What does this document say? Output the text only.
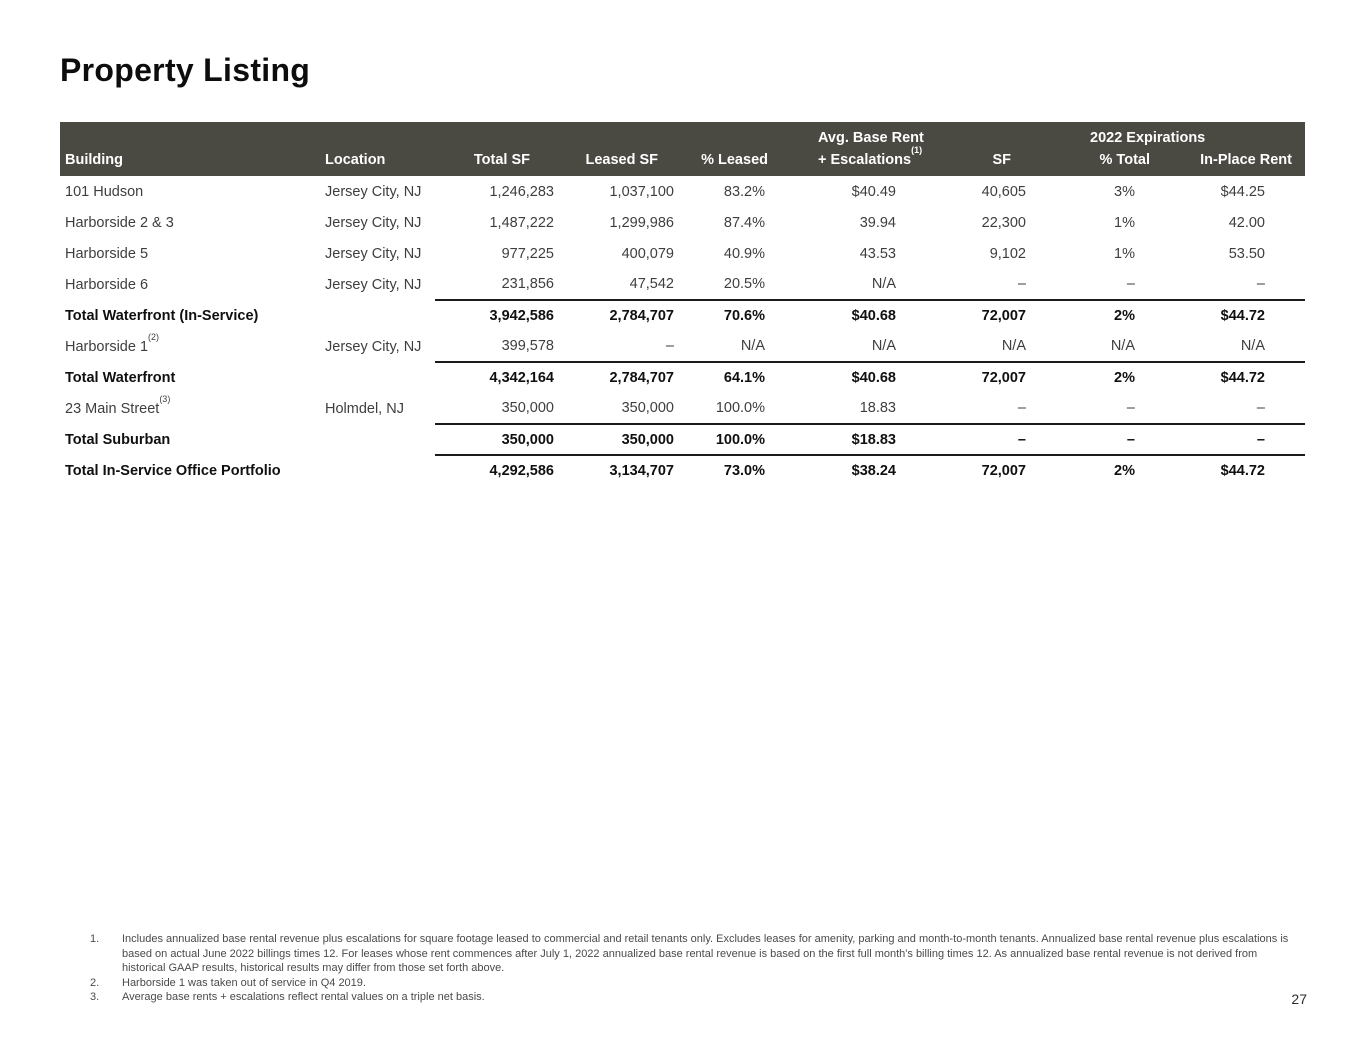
Property Listing
					Avg. Base Rent	2022 Expirations		
Building	Location	Total SF	Leased SF	% Leased	+ Escalations$^{(1)}$	SF	% Total	In-Place Rent
101 Hudson	Jersey City, NJ	1,246,283	1,037,100	83.2%	$40.49	40,605	3%	$44.25
Harborside 2 & 3	Jersey City, NJ	1,487,222	1,299,986	87.4%	39.94	22,300	1%	42.00
Harborside 5	Jersey City, NJ	977,225	400,079	40.9%	43.53	9,102	1%	53.50
Harborside 6	Jersey City, NJ	231,856	47,542	20.5%	N/A	–	–	–
Total Waterfront (In-Service)		3,942,586	2,784,707	70.6%	$40.68	72,007	2%	$44.72
Harborside 1$^{(2)}$	Jersey City, NJ	399,578	–	N/A	N/A	N/A	N/A	N/A
Total Waterfront		4,342,164	2,784,707	64.1%	$40.68	72,007	2%	$44.72
23 Main Street$^{(3)}$	Holmdel, NJ	350,000	350,000	100.0%	18.83	–	–	–
Total Suburban		350,000	350,000	100.0%	$18.83	–	–	–
Total In-Service Office Portfolio		4,292,586	3,134,707	73.0%	$38.24	72,007	2%	$44.72
1.	Includes annualized base rental revenue plus escalations for square footage leased to commercial and retail tenants only. Excludes leases for amenity, parking and month-to-month tenants. Annualized base rental revenue plus escalations is based on actual June 2022 billings times 12. For leases whose rent commences after July 1, 2022 annualized base rental revenue is based on the first full month's billing times 12. As annualized base rental revenue is not derived from historical GAAP results, historical results may differ from those set forth above.
2.	Harborside 1 was taken out of service in Q4 2019.
3.	Average base rents + escalations reflect rental values on a triple net basis.	27
